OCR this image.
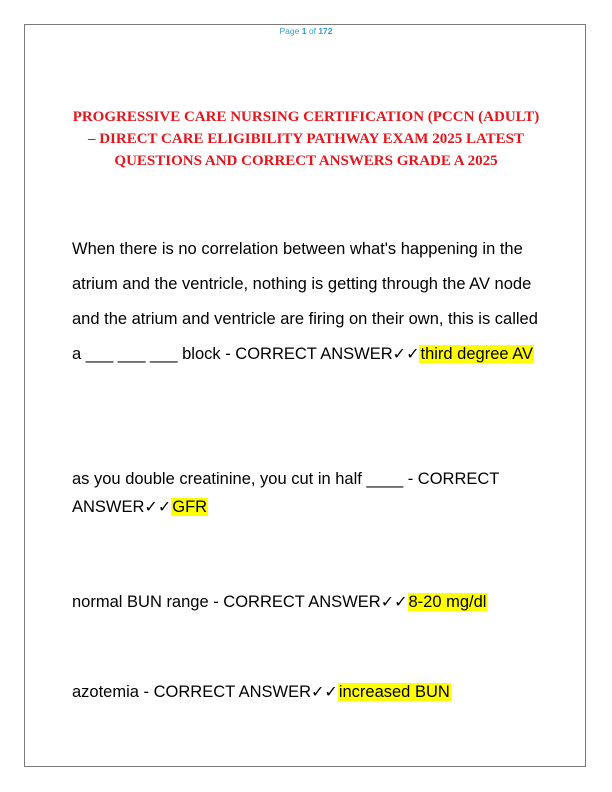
Page 1 of 172
PROGRESSIVE CARE NURSING CERTIFICATION (PCCN (ADULT) – DIRECT CARE ELIGIBILITY PATHWAY EXAM 2025 LATEST QUESTIONS AND CORRECT ANSWERS GRADE A 2025
When there is no correlation between what's happening in the atrium and the ventricle, nothing is getting through the AV node and the atrium and ventricle are firing on their own, this is called a ___ ___ ___ block - CORRECT ANSWER✓✓third degree AV
as you double creatinine, you cut in half ____ - CORRECT ANSWER✓✓GFR
normal BUN range - CORRECT ANSWER✓✓8-20 mg/dl
azotemia - CORRECT ANSWER✓✓increased BUN
